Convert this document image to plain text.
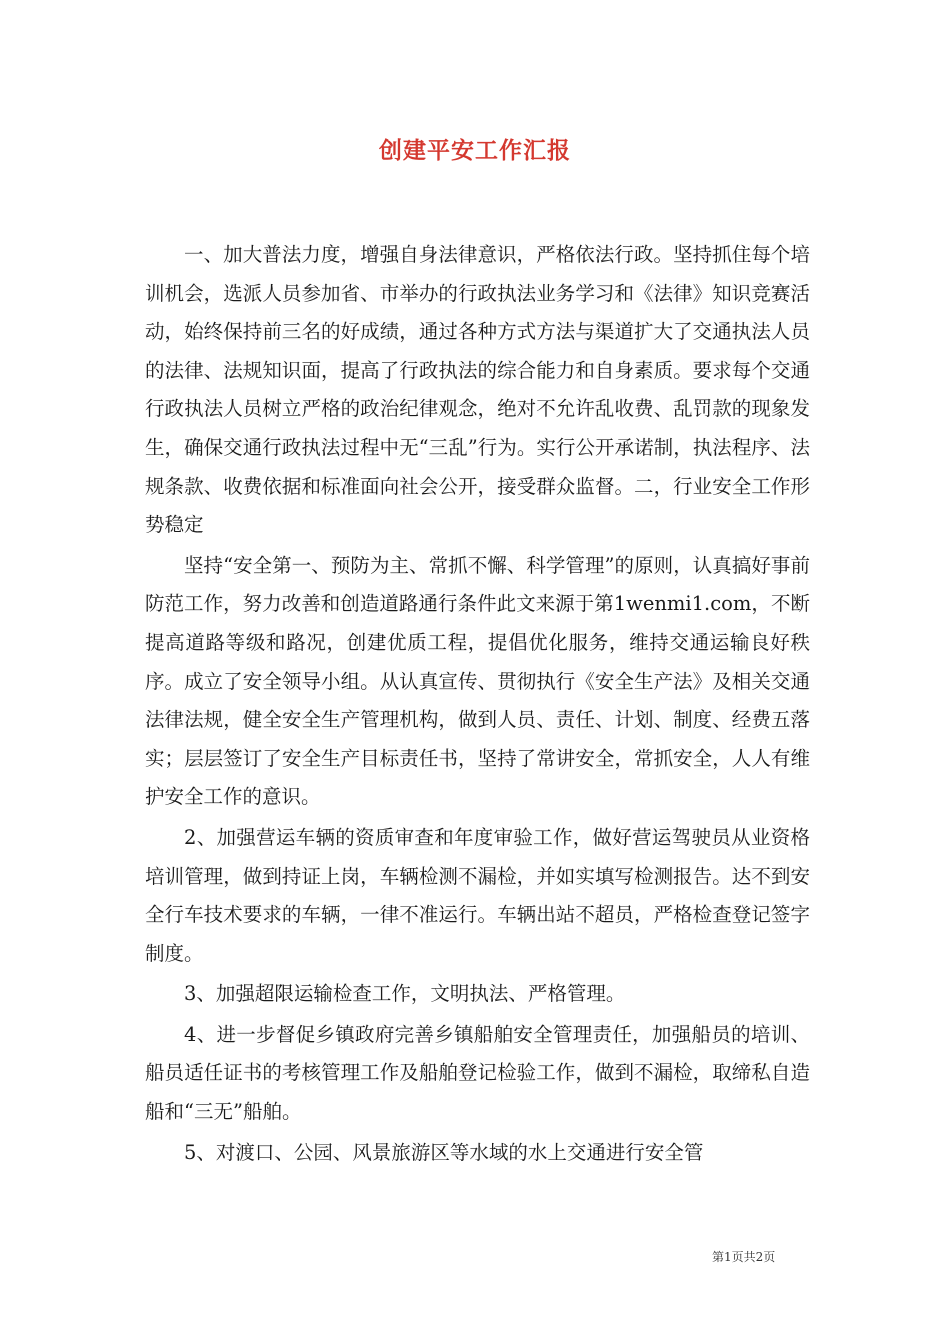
创建平安工作汇报

一、加大普法力度，增强自身法律意识，严格依法行政。坚持抓住每个培训机会，选派人员参加省、市举办的行政执法业务学习和《法律》知识竞赛活动，始终保持前三名的好成绩，通过各种方式方法与渠道扩大了交通执法人员的法律、法规知识面，提高了行政执法的综合能力和自身素质。要求每个交通行政执法人员树立严格的政治纪律观念，绝对不允许乱收费、乱罚款的现象发生，确保交通行政执法过程中无“三乱”行为。实行公开承诺制，执法程序、法规条款、收费依据和标准面向社会公开，接受群众监督。二，行业安全工作形势稳定

坚持“安全第一、预防为主、常抓不懈、科学管理”的原则，认真搞好事前防范工作，努力改善和创造道路通行条件此文来源于第1wenmi1.com，不断提高道路等级和路况，创建优质工程，提倡优化服务，维持交通运输良好秩序。成立了安全领导小组。从认真宣传、贯彻执行《安全生产法》及相关交通法律法规，健全安全生产管理机构，做到人员、责任、计划、制度、经费五落实；层层签订了安全生产目标责任书，坚持了常讲安全，常抓安全，人人有维护安全工作的意识。

2、加强营运车辆的资质审查和年度审验工作，做好营运驾驶员从业资格培训管理，做到持证上岗，车辆检测不漏检，并如实填写检测报告。达不到安全行车技术要求的车辆，一律不准运行。车辆出站不超员，严格检查登记签字制度。

3、加强超限运输检查工作，文明执法、严格管理。

4、进一步督促乡镇政府完善乡镇船舶安全管理责任，加强船员的培训、船员适任证书的考核管理工作及船舶登记检验工作，做到不漏检，取缔私自造船和“三无”船舶。

5、对渡口、公园、风景旅游区等水域的水上交通进行安全管

第1页共2页
